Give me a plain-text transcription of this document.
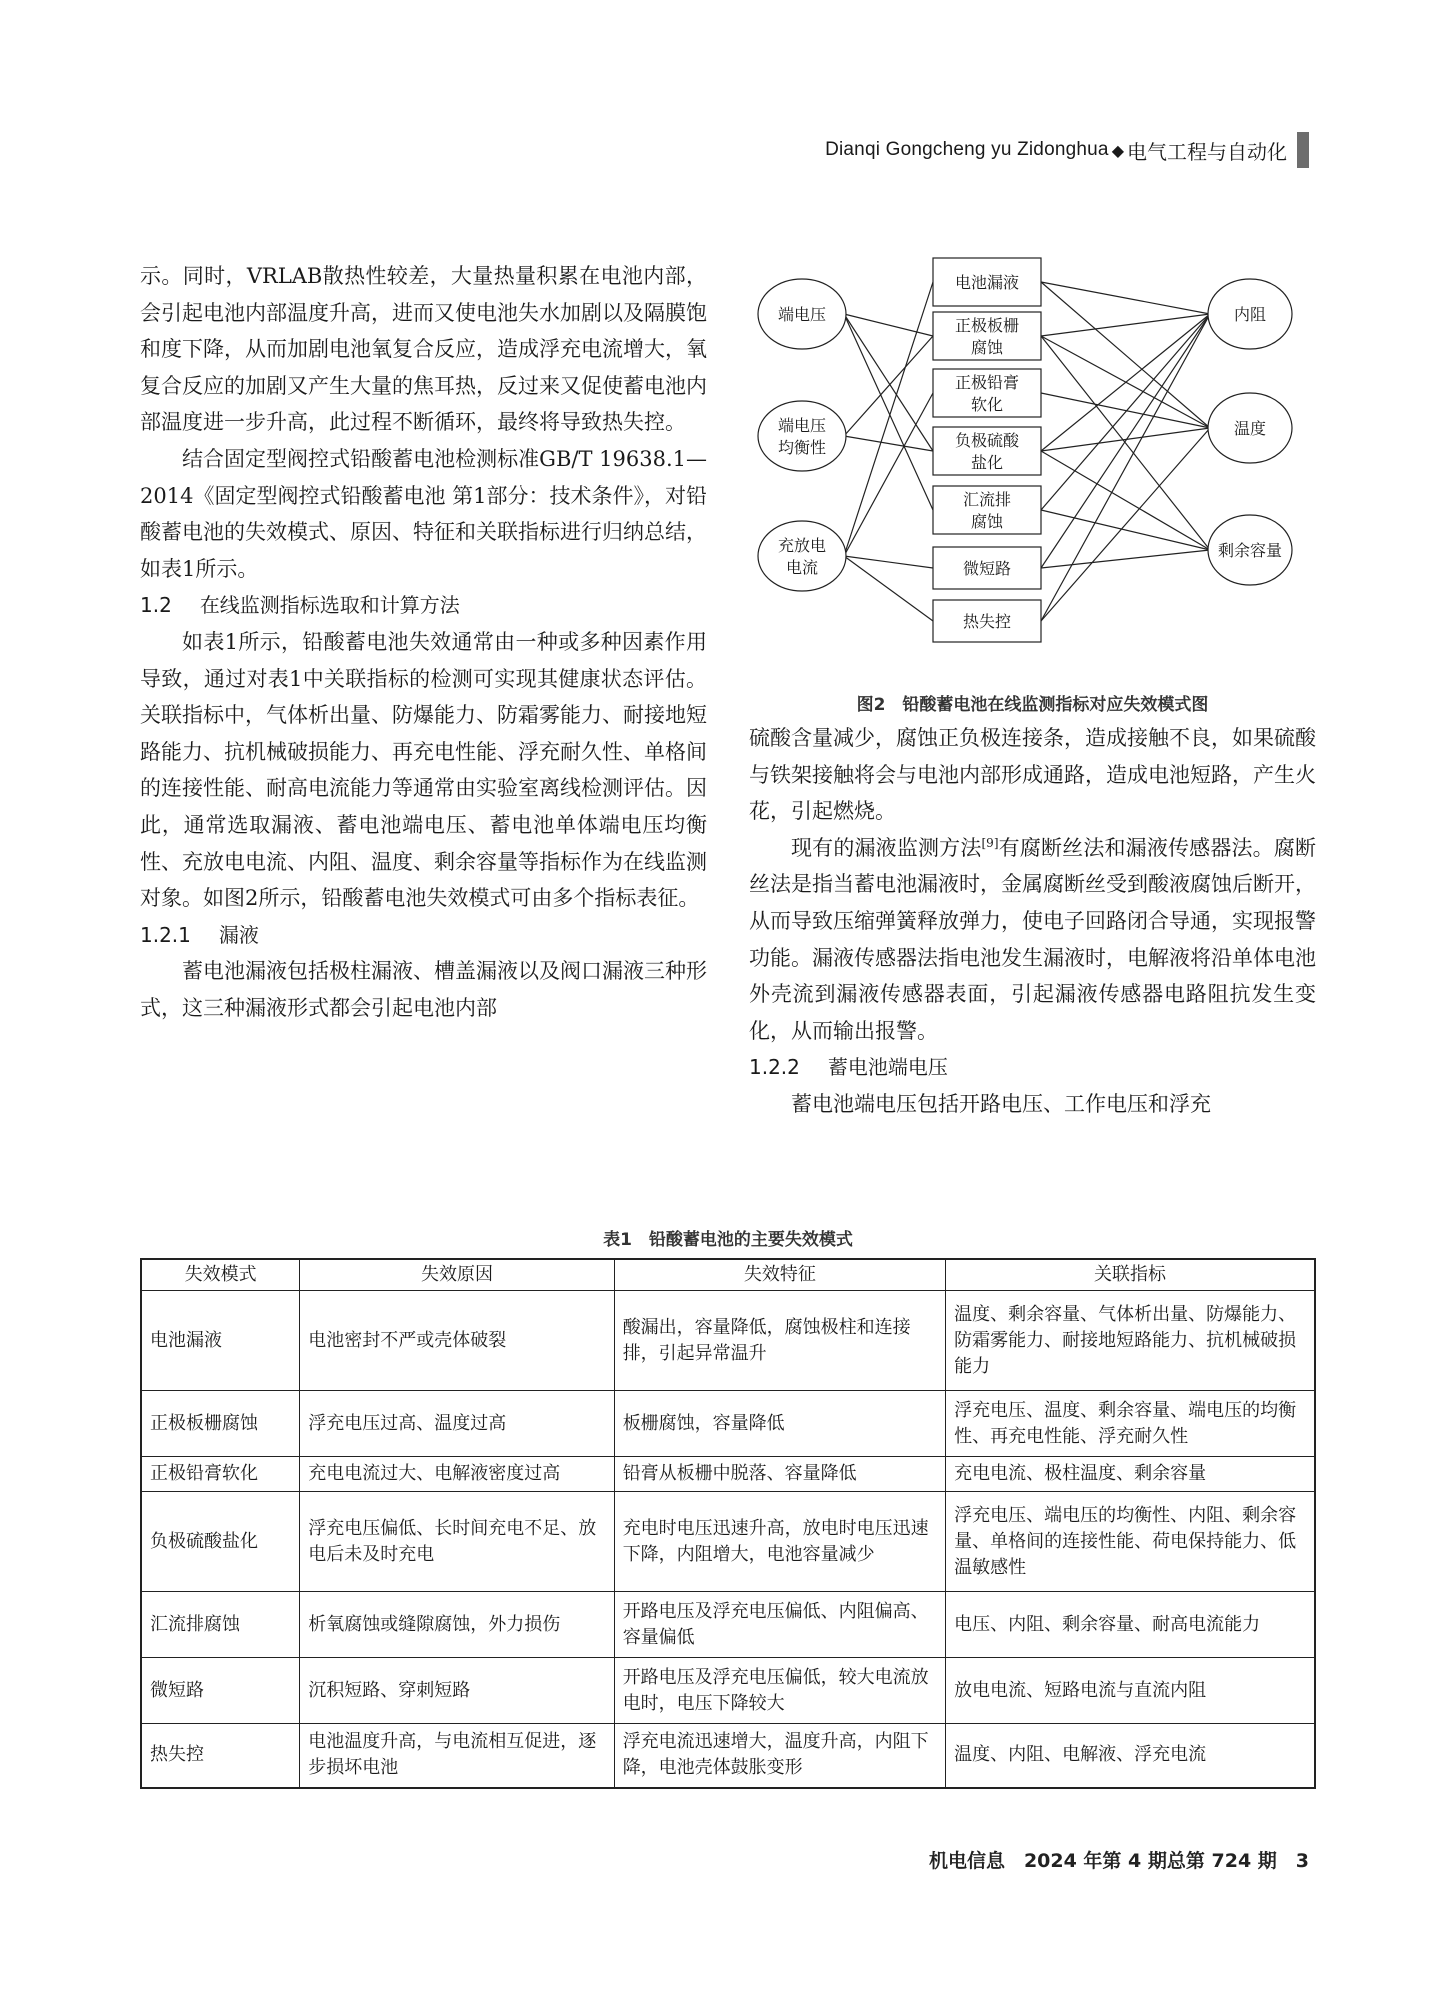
Dianqi Gongcheng yu Zidonghua ◆ 电气工程与自动化

示。同时，VRLAB散热性较差，大量热量积累在电池内部，会引起电池内部温度升高，进而又使电池失水加剧以及隔膜饱和度下降，从而加剧电池氧复合反应，造成浮充电流增大，氧复合反应的加剧又产生大量的焦耳热，反过来又促使蓄电池内部温度进一步升高，此过程不断循环，最终将导致热失控。

结合固定型阀控式铅酸蓄电池检测标准GB/T 19638.1—2014《固定型阀控式铅酸蓄电池 第1部分：技术条件》，对铅酸蓄电池的失效模式、原因、特征和关联指标进行归纳总结，如表1所示。

1.2 在线监测指标选取和计算方法

如表1所示，铅酸蓄电池失效通常由一种或多种因素作用导致，通过对表1中关联指标的检测可实现其健康状态评估。关联指标中，气体析出量、防爆能力、防霜雾能力、耐接地短路能力、抗机械破损能力、再充电性能、浮充耐久性、单格间的连接性能、耐高电流能力等通常由实验室离线检测评估。因此，通常选取漏液、蓄电池端电压、蓄电池单体端电压均衡性、充放电电流、内阻、温度、剩余容量等指标作为在线监测对象。如图2所示，铅酸蓄电池失效模式可由多个指标表征。

1.2.1 漏液

蓄电池漏液包括极柱漏液、槽盖漏液以及阀口漏液三种形式，这三种漏液形式都会引起电池内部

端电压
端电压
均衡性
充放电
电流
内阻
温度
剩余容量
电池漏液
正极板栅
腐蚀
正极铅膏
软化
负极硫酸
盐化
汇流排
腐蚀
微短路
热失控
图2　铅酸蓄电池在线监测指标对应失效模式图

硫酸含量减少，腐蚀正负极连接条，造成接触不良，如果硫酸与铁架接触将会与电池内部形成通路，造成电池短路，产生火花，引起燃烧。

现有的漏液监测方法[9]有腐断丝法和漏液传感器法。腐断丝法是指当蓄电池漏液时，金属腐断丝受到酸液腐蚀后断开，从而导致压缩弹簧释放弹力，使电子回路闭合导通，实现报警功能。漏液传感器法指电池发生漏液时，电解液将沿单体电池外壳流到漏液传感器表面，引起漏液传感器电路阻抗发生变化，从而输出报警。

1.2.2 蓄电池端电压

蓄电池端电压包括开路电压、工作电压和浮充

表1　铅酸蓄电池的主要失效模式
失效模式	失效原因	失效特征	关联指标
电池漏液	电池密封不严或壳体破裂	酸漏出，容量降低，腐蚀极柱和连接排，引起异常温升	温度、剩余容量、气体析出量、防爆能力、防霜雾能力、耐接地短路能力、抗机械破损能力
正极板栅腐蚀	浮充电压过高、温度过高	板栅腐蚀，容量降低	浮充电压、温度、剩余容量、端电压的均衡性、再充电性能、浮充耐久性
正极铅膏软化	充电电流过大、电解液密度过高	铅膏从板栅中脱落、容量降低	充电电流、极柱温度、剩余容量
负极硫酸盐化	浮充电压偏低、长时间充电不足、放电后未及时充电	充电时电压迅速升高，放电时电压迅速下降，内阻增大，电池容量减少	浮充电压、端电压的均衡性、内阻、剩余容量、单格间的连接性能、荷电保持能力、低温敏感性
汇流排腐蚀	析氧腐蚀或缝隙腐蚀，外力损伤	开路电压及浮充电压偏低、内阻偏高、容量偏低	电压、内阻、剩余容量、耐高电流能力
微短路	沉积短路、穿刺短路	开路电压及浮充电压偏低，较大电流放电时，电压下降较大	放电电流、短路电流与直流内阻
热失控	电池温度升高，与电流相互促进，逐步损坏电池	浮充电流迅速增大，温度升高，内阻下降，电池壳体鼓胀变形	温度、内阻、电解液、浮充电流
机电信息　2024 年第 4 期总第 724 期　3
